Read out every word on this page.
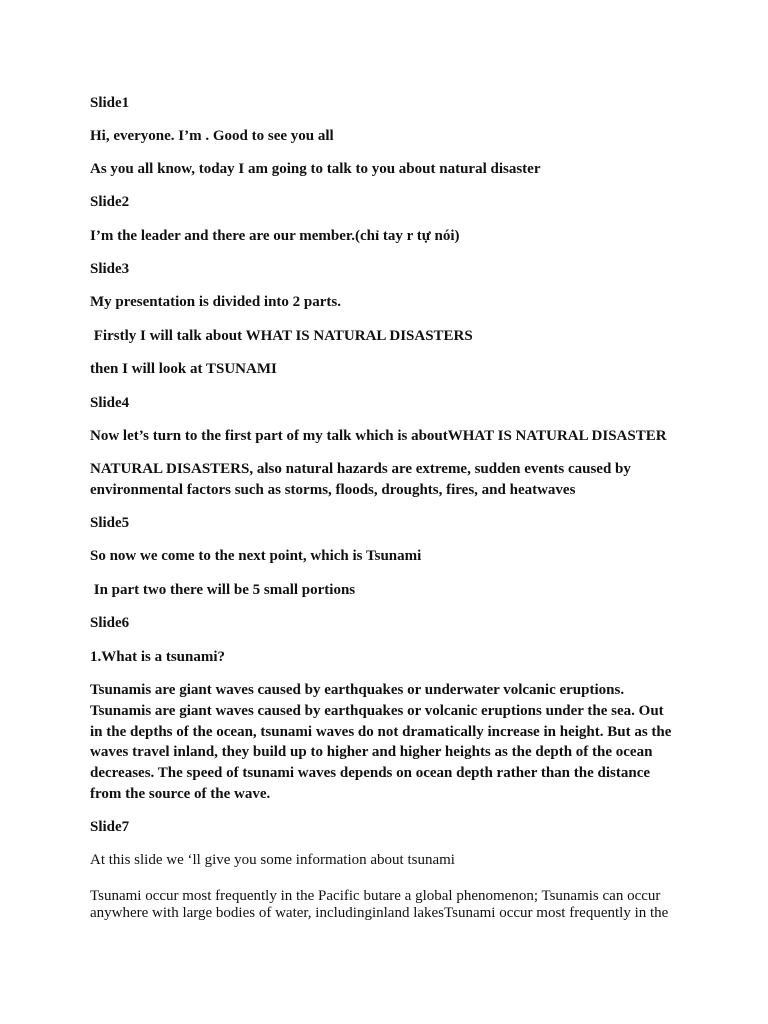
Slide1
Hi, everyone. I’m . Good to see you all
As you all know, today I am going to talk to you about natural disaster
Slide2
I’m the leader and there are our member.(chỉ tay r tự nói)
Slide3
My presentation is divided into 2 parts.
Firstly I will talk about WHAT IS NATURAL DISASTERS
then I will look at TSUNAMI
Slide4
Now let’s turn to the first part of my talk which is aboutWHAT IS NATURAL DISASTER
NATURAL DISASTERS, also natural hazards are extreme, sudden events caused by
environmental factors such as storms, floods, droughts, fires, and heatwaves
Slide5
So now we come to the next point, which is Tsunami
In part two there will be 5 small portions
Slide6
1.What is a tsunami?
Tsunamis are giant waves caused by earthquakes or underwater volcanic eruptions.
Tsunamis are giant waves caused by earthquakes or volcanic eruptions under the sea. Out
in the depths of the ocean, tsunami waves do not dramatically increase in height. But as the
waves travel inland, they build up to higher and higher heights as the depth of the ocean
decreases. The speed of tsunami waves depends on ocean depth rather than the distance
from the source of the wave.
Slide7
At this slide we ‘ll give you some information about tsunami
Tsunami occur most frequently in the Pacific butare a global phenomenon; Tsunamis can occur
anywhere with large bodies of water, includinginland lakesTsunami occur most frequently in the
